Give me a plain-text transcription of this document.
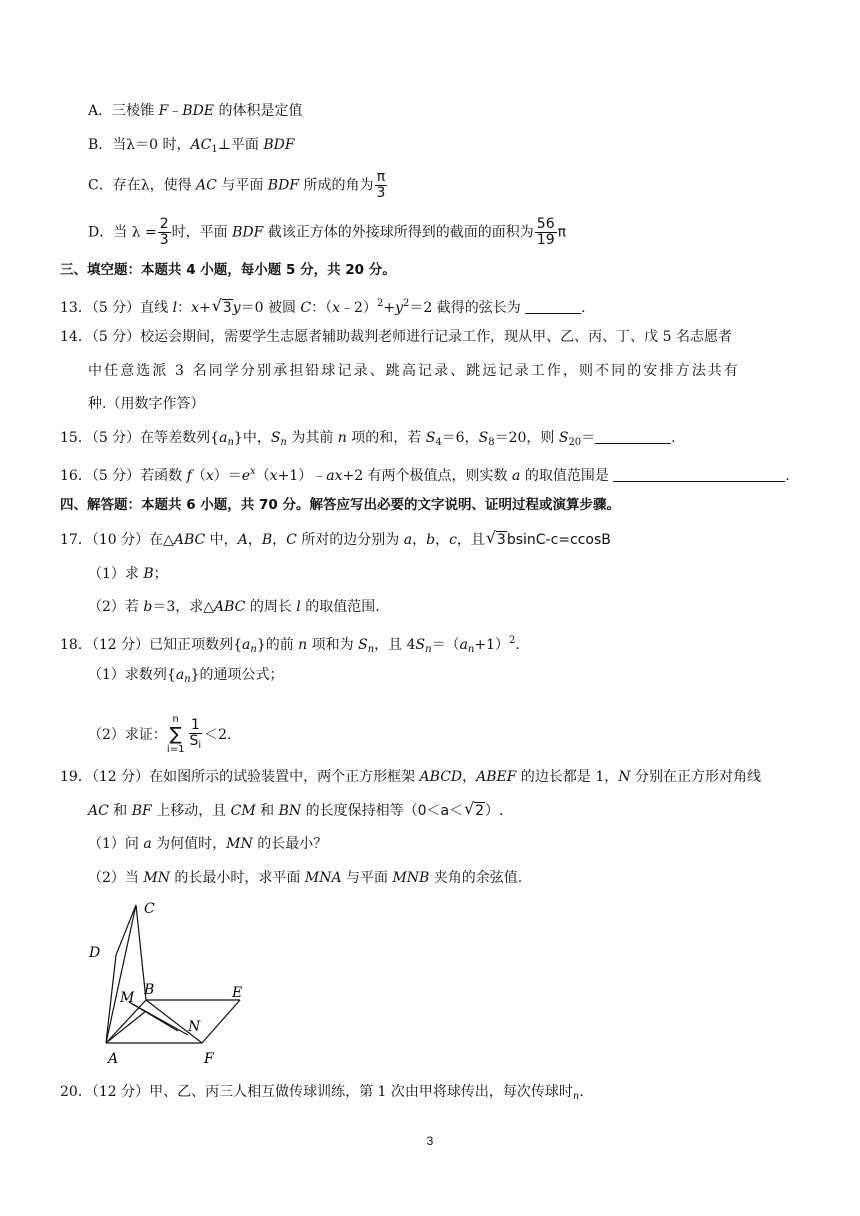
A．三棱锥 F﹣BDE 的体积是定值
B．当λ＝0 时，$AC_1\perp$平面 BDF
C．存在λ，使得 AC 与平面 BDF 所成的角为 $\frac{\pi}{3}$
D．当 $\lambda = \frac{2}{3}$ 时，平面 BDF 截该正方体的外接球所得到的截面的面积为 $\frac{56}{19}$ π
三、填空题：本题共 4 小题，每小题 5 分，共 20 分。
13．（5 分）直线 l：x+ √ 3y＝0 被圆 C：$(x﹣2)^2+y^2=2$ 截得的弦长为	.
14．（5 分）校运会期间，需要学生志愿者辅助裁判老师进行记录工作，现从甲、乙、丙、丁、戊 5 名志愿者
中任意选派 3 名同学分别承担铅球记录、跳高记录、跳远记录工作，则不同的安排方法共有
种.（用数字作答）
15．（5 分）在等差数列$\{a_n\}$中，$S_n$ 为其前 n 项的和，若 $S_4=6$，$S_8=20$，则 $S_{20}=$	.
16．（5 分）若函数 $f(x)=e^x(x+1)﹣ax+2$ 有两个极值点，则实数 a 的取值范围是	.
四、解答题：本题共 6 小题，共 70 分。解答应写出必要的文字说明、证明过程或演算步骤。
17．（10 分）在△ABC 中，A，B，C 所对的边分别为 a，b，c，且 √ 3bsinC-c=ccosB
（1）求 B；
（2）若 b＝3，求△ABC 的周长 l 的取值范围.
18．（12 分）已知正项数列$\{a_n\}$的前 n 项和为 $S_n$，且 $4S_n=(a_n+1)^2$.
（1）求数列$\{a_n\}$的通项公式；
（2）求证：
n
∑
$i=1 \frac{1}{S_i} <2$.
19．（12 分）在如图所示的试验装置中，两个正方形框架 ABCD，ABEF 的边长都是 1，N 分别在正方形对角线
AC 和 BF 上移动，且 CM 和 BN 的长度保持相等（0＜a＜ √ 2）.
（1）问 a 为何值时，MN 的长最小？
（2）当 MN 的长最小时，求平面 MNA 与平面 MNB 夹角的余弦值.
C
D
M B	E
N
A	F
20．（12 分）甲、乙、丙三人相互做传球训练，第 1 次由甲将球传出，每次传球时$_n$.
3
